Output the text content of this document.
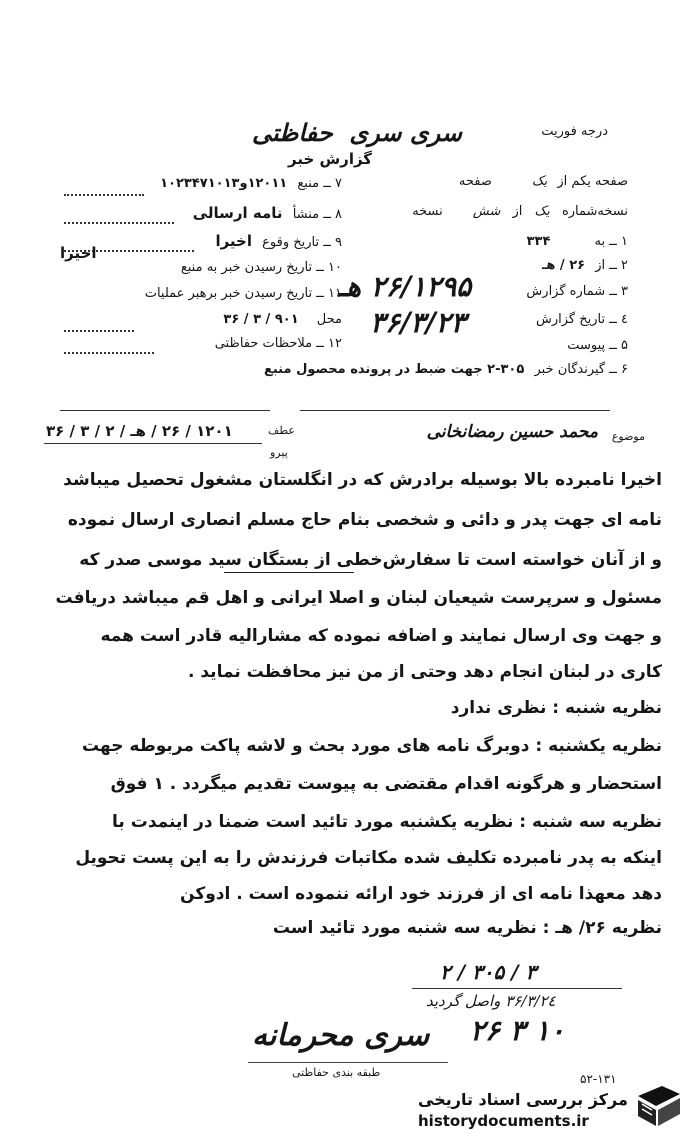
درجه فوریت
سری سری ‌ حفاظتی
گزارش خبر
صفحه یکم از یک صفحه
نسخه‌شماره یک از شش نسخه
۱ ــ به ۳۳۴
۲ ــ از ۲۶ / هـ
۳ ــ شماره گزارش
۲۶/۱۲۹۵ هـ
٤ ــ تاریخ گزارش
۳۶/۳/۲۳
۵ ــ پیوست
۶ ــ گیرندگان خبر ۳۰۵-۲ جهت ضبط در پرونده محصول منبع
۷ ــ منبع ۱۲۰۱۱و۱۰۲۳۴۷۱۰۱۳
۸ ــ منشأ نامه ارسالی
۹ ــ تاریخ وقوع اخیرا
اخیرا
۱۰ ــ تاریخ رسیدن خبر به منبع
۱۱ ــ تاریخ رسیدن خبر برهبر عملیات
محل ۹۰۱ / ۳ / ۳۶
۱۲ ــ ملاحظات حفاظتی
موضوع
محمد حسین رمضانخانی
عطف
پیرو
۱۲۰۱ / ۲۶ / هـ / ۲ / ۳ / ۳۶
اخیرا نامبرده بالا بوسیله برادرش که در انگلستان مشغول تحصیل میباشد
نامه ای جهت پدر و دائی و شخصی بنام حاج مسلم انصاری ارسال نموده
و از آنان خواسته است تا سفارش‌خطی از بستگان سید موسی صدر که
مسئول و سرپرست شیعیان لبنان و اصلا ایرانی و اهل قم میباشد دریافت
و جهت وی ارسال نمایند و اضافه نموده که مشارالیه قادر است همه
کاری در لبنان انجام دهد وحتی از من نیز محافظت نماید .
نظریه شنبه : نظری ندارد
نظریه یکشنبه : دوبرگ نامه های مورد بحث و لاشه پاکت مربوطه جهت
استحضار و هرگونه اقدام مقتضی به پیوست تقدیم میگردد . ۱ فوق
نظریه سه شنبه : نظریه یکشنبه مورد تائید است ضمنا در اینمدت با
اینکه به پدر نامبرده تکلیف شده مکاتبات فرزندش را به این پست تحویل
دهد معهذا نامه ای از فرزند خود ارائه ننموده است . ادوکن
نظریه ۲۶/ هـ : نظریه سه شنبه مورد تائید است
۳ / ۳۰۵ / ۲
۳۶/۳/۲٤ واصل گردید
۱۰ ۳ ۲۶
سری محرمانه
طبقه بندی حفاظتی	۵۲-۱۳۱
مرکز بررسی اسناد تاریخی
historydocuments.ir
